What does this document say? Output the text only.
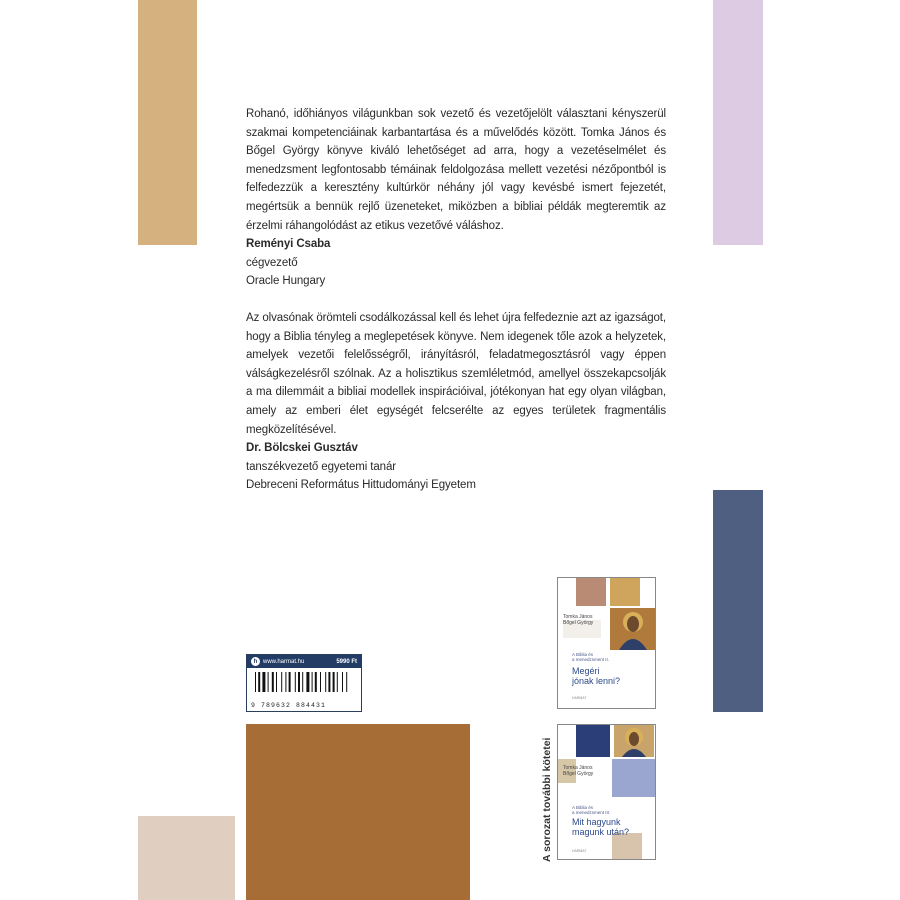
Rohanó, időhiányos világunkban sok vezető és vezetőjelölt választani kényszerül szakmai kompetenciáinak karbantartása és a művelődés között. Tomka János és Bőgel György könyve kiváló lehetőséget ad arra, hogy a vezetéselmélet és menedzsment legfontosabb témáinak feldolgozása mellett vezetési nézőpontból is felfedezzük a keresztény kultúrkör néhány jól vagy kevésbé ismert fejezetét, megértsük a bennük rejlő üzeneteket, miközben a bibliai példák megteremtik az érzelmi ráhangolódást az etikus vezetővé váláshoz.

Reményi Csaba

cégvezető
Oracle Hungary

Az olvasónak örömteli csodálkozással kell és lehet újra felfedeznie azt az igazságot, hogy a Biblia tényleg a meglepetések könyve. Nem idegenek tőle azok a helyzetek, amelyek vezetői felelősségről, irányításról, feladatmegosztásról vagy éppen válságkezelésről szólnak. Az a holisztikus szemléletmód, amellyel összekapcsolják a ma dilemmáit a bibliai modellek inspirációival, jótékonyan hat egy olyan világban, amely az emberi élet egységét felcserélte az egyes területek fragmentális megközelítésével.

Dr. Bölcskei Gusztáv

tanszékvezető egyetemi tanár
Debreceni Református Hittudományi Egyetem
h www.harmat.hu	5990 Ft
9 789632 884431
Tomka János
Bőgel György
A Biblia és
a menedzsment II.
Megéri
jónak lenni?
HARMAT
Tomka János
Bőgel György
A Biblia és
a menedzsment III.
Mit hagyunk
magunk után?
HARMAT
A sorozat további kötetei
